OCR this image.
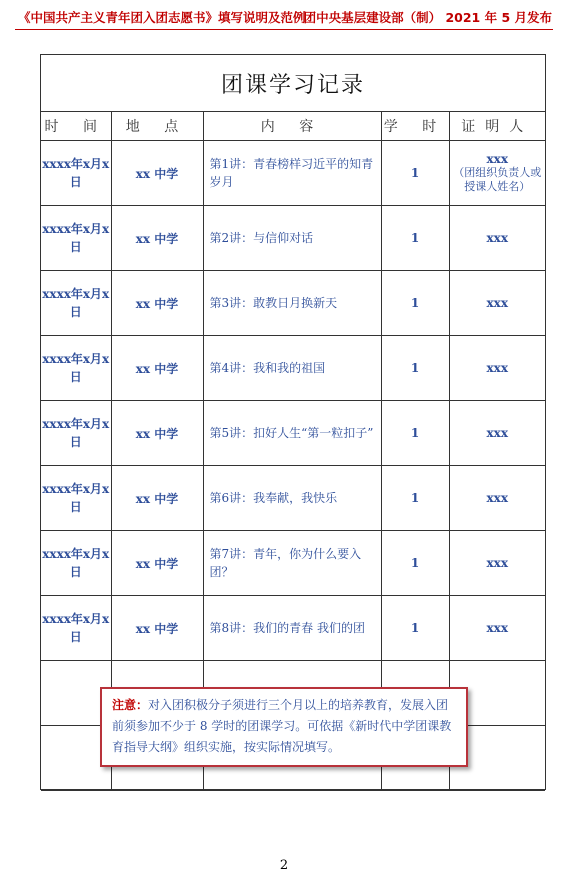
《中国共产主义青年团入团志愿书》填写说明及范例
团中央基层建设部（制） 2021 年 5 月发布
团课学习记录
时 间	地 点	内 容	学 时	证明人
xxxx年x月x日	xx 中学	第1讲：青春榜样习近平的知青岁月	1	xxx
（团组织负责人或授课人姓名）

xxxx年x月x日	xx 中学	第2讲：与信仰对话	1	xxx
xxxx年x月x日	xx 中学	第3讲：敢教日月换新天	1	xxx
xxxx年x月x日	xx 中学	第4讲：我和我的祖国	1	xxx
xxxx年x月x日	xx 中学	第5讲：扣好人生“第一粒扣子”	1	xxx
xxxx年x月x日	xx 中学	第6讲：我奉献，我快乐	1	xxx
xxxx年x月x日	xx 中学	第7讲：青年，你为什么要入团？	1	xxx
xxxx年x月x日	xx 中学	第8讲：我们的青春 我们的团	1	xxx

注意：对入团积极分子须进行三个月以上的培养教育，发展入团前须参加不少于 8 学时的团课学习。可依据《新时代中学团课教育指导大纲》组织实施，按实际情况填写。
2
